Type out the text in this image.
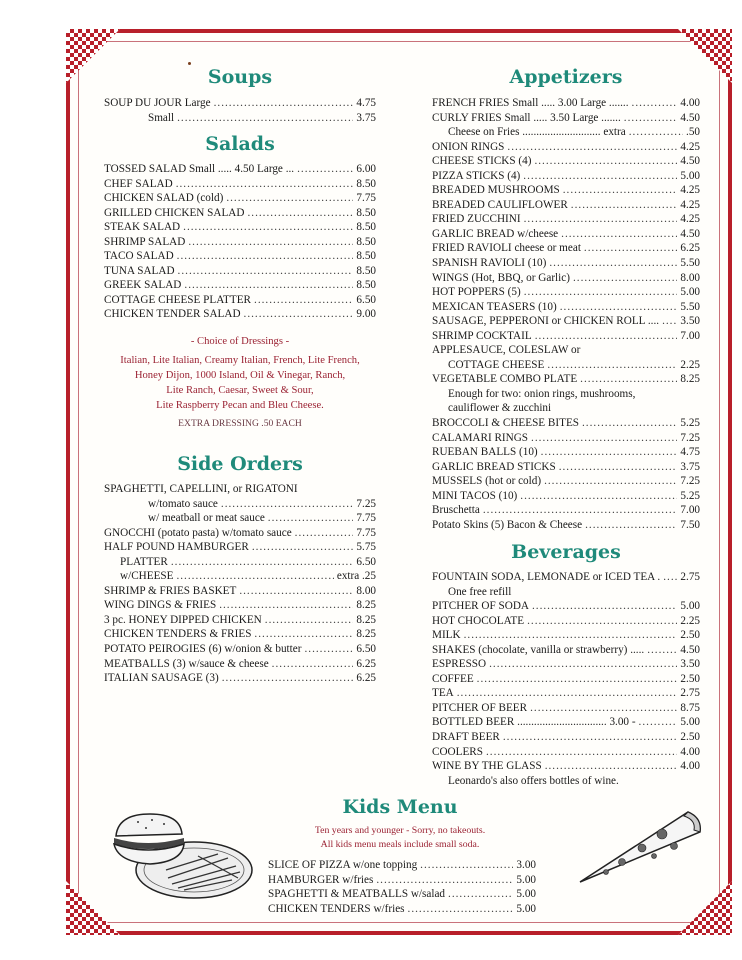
Soups
SOUP DU JOUR Large .....	4.75
Small .....	3.75
Salads
TOSSED SALAD Small ..... 4.50 Large ... .....	6.00
CHEF SALAD .....	8.50
CHICKEN SALAD (cold) .....	7.75
GRILLED CHICKEN SALAD .....	8.50
STEAK SALAD .....	8.50
SHRIMP SALAD .....	8.50
TACO SALAD .....	8.50
TUNA SALAD .....	8.50
GREEK SALAD .....	8.50
COTTAGE CHEESE PLATTER .....	6.50
CHICKEN TENDER SALAD .....	9.00
- Choice of Dressings -
Italian, Lite Italian, Creamy Italian, French, Lite French,
Honey Dijon, 1000 Island, Oil & Vinegar, Ranch,
Lite Ranch, Caesar, Sweet & Sour,
Lite Raspberry Pecan and Bleu Cheese.
EXTRA DRESSING .50 EACH
Side Orders
SPAGHETTI, CAPELLINI, or RIGATONI
w/tomato sauce .....	7.25
w/ meatball or meat sauce .....	7.75
GNOCCHI (potato pasta) w/tomato sauce .....	7.75
HALF POUND HAMBURGER .....	5.75
PLATTER .....	6.50
w/CHEESE .....	extra .25
SHRIMP & FRIES BASKET .....	8.00
WING DINGS & FRIES .....	8.25
3 pc. HONEY DIPPED CHICKEN .....	8.25
CHICKEN TENDERS & FRIES .....	8.25
POTATO PEIROGIES (6) w/onion & butter .....	6.50
MEATBALLS (3) w/sauce & cheese .....	6.25
ITALIAN SAUSAGE (3) .....	6.25
Appetizers
FRENCH FRIES Small ..... 3.00 Large ....... .....	4.00
CURLY FRIES Small ..... 3.50 Large ....... .....	4.50
Cheese on Fries ............................ extra .....	.50
ONION RINGS .....	4.25
CHEESE STICKS (4) .....	4.50
PIZZA STICKS (4) .....	5.00
BREADED MUSHROOMS .....	4.25
BREADED CAULIFLOWER .....	4.25
FRIED ZUCCHINI .....	4.25
GARLIC BREAD w/cheese .....	4.50
FRIED RAVIOLI cheese or meat .....	6.25
SPANISH RAVIOLI (10) .....	5.50
WINGS (Hot, BBQ, or Garlic) .....	8.00
HOT POPPERS (5) .....	5.00
MEXICAN TEASERS (10) .....	5.50
SAUSAGE, PEPPERONI or CHICKEN ROLL .... ..... 3.50
SHRIMP COCKTAIL .....	7.00
APPLESAUCE, COLESLAW or
COTTAGE CHEESE .....	2.25
VEGETABLE COMBO PLATE .....	8.25
Enough for two: onion rings, mushrooms,
cauliflower & zucchini
BROCCOLI & CHEESE BITES .....	5.25
CALAMARI RINGS .....	7.25
RUEBAN BALLS (10) .....	4.75
GARLIC BREAD STICKS .....	3.75
MUSSELS (hot or cold) .....	7.25
MINI TACOS (10) .....	5.25
Bruschetta .....	7.00
Potato Skins (5) Bacon & Cheese .....	7.50
Beverages
FOUNTAIN SODA, LEMONADE or ICED TEA . ..... 2.75
One free refill
PITCHER OF SODA .....	5.00
HOT CHOCOLATE .....	2.25
MILK .....	2.50
SHAKES (chocolate, vanilla or strawberry) ..... .....	4.50
ESPRESSO .....	3.50
COFFEE .....	2.50
TEA .....	2.75
PITCHER OF BEER .....	8.75
BOTTLED BEER ................................ 3.00 - .....	5.00
DRAFT BEER .....	2.50
COOLERS .....	4.00
WINE BY THE GLASS .....	4.00
Leonardo's also offers bottles of wine.
Kids Menu
Ten years and younger - Sorry, no takeouts.
All kids menu meals include small soda.
SLICE OF PIZZA w/one topping .....	3.00
HAMBURGER w/fries .....	5.00
SPAGHETTI & MEATBALLS w/salad .....	5.00
CHICKEN TENDERS w/fries .....	5.00
